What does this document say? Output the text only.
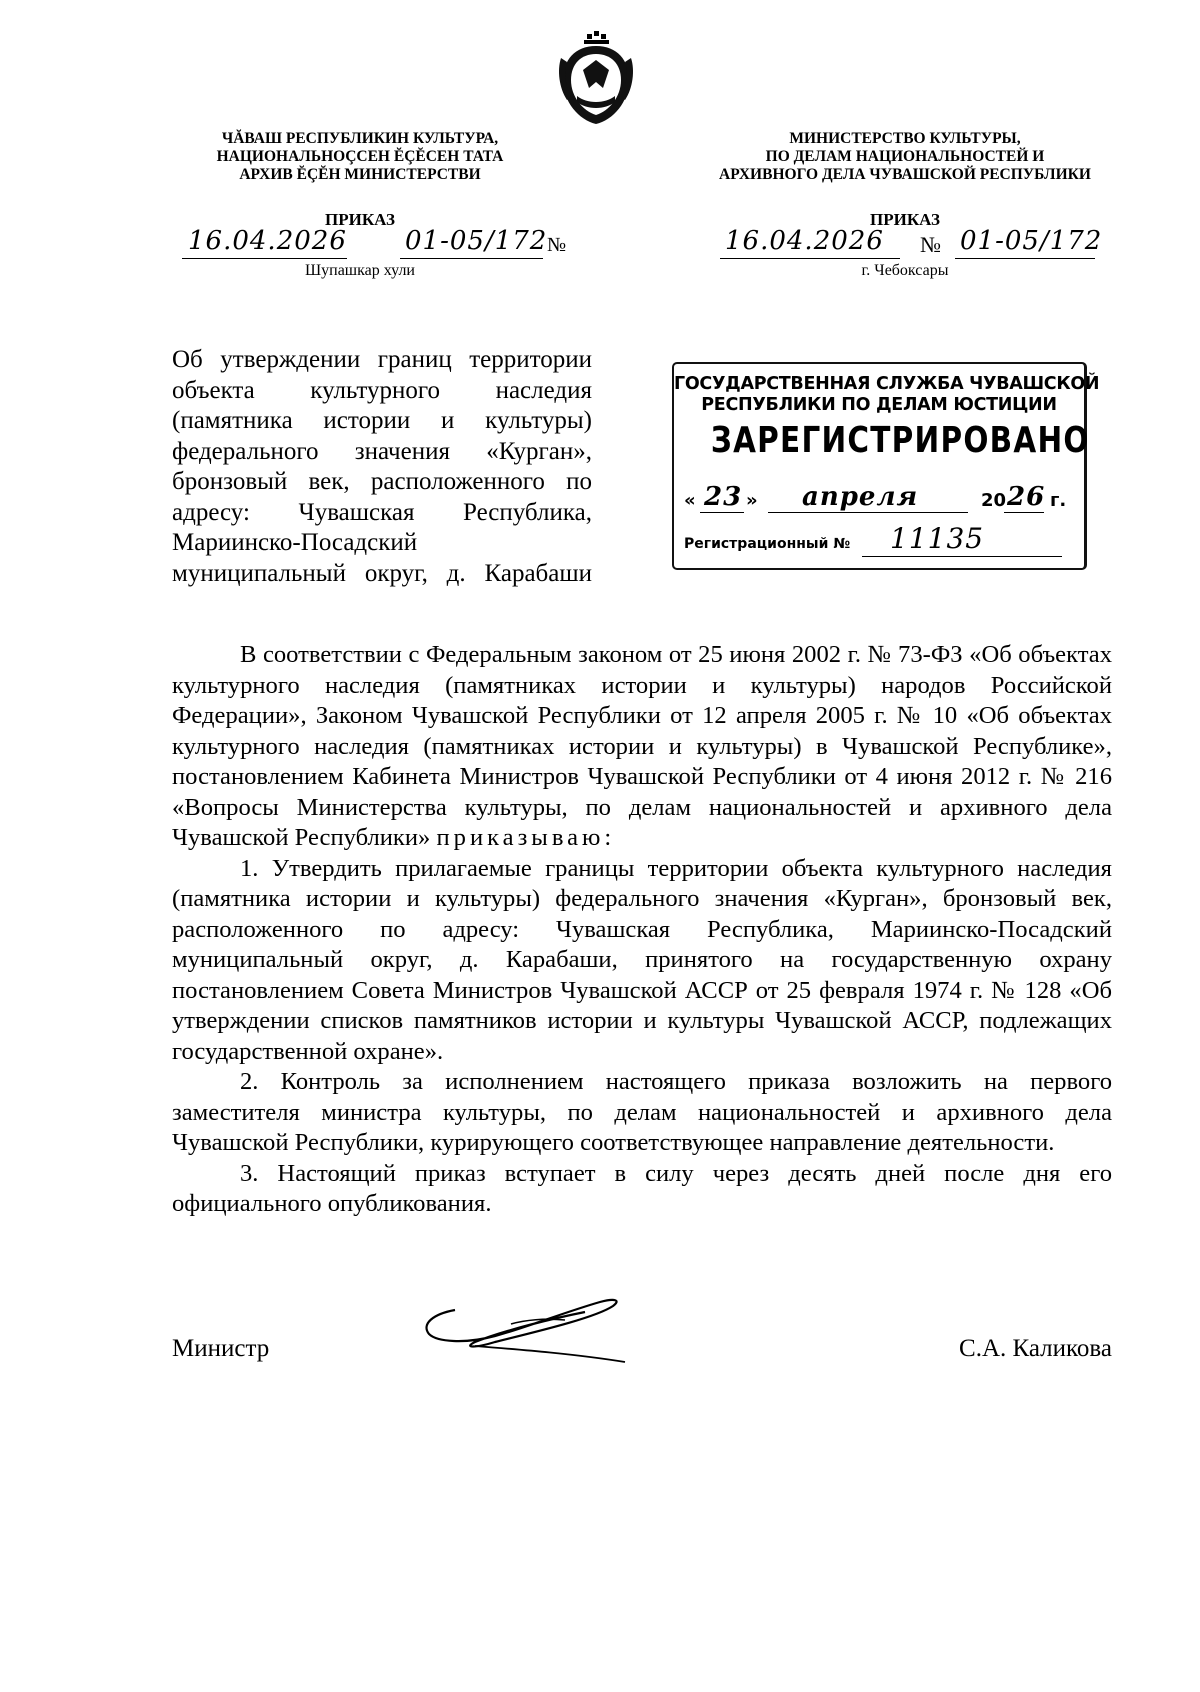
ЧĂВАШ РЕСПУБЛИКИН КУЛЬТУРА,
НАЦИОНАЛЬНОÇСЕН ĔÇĔСЕН ТАТА
АРХИВ ĔÇĔН МИНИСТЕРСТВИ
ПРИКАЗ
16.04.2026 01-05/172 №
Шупашкар хули
МИНИСТЕРСТВО КУЛЬТУРЫ,
ПО ДЕЛАМ НАЦИОНАЛЬНОСТЕЙ И
АРХИВНОГО ДЕЛА ЧУВАШСКОЙ РЕСПУБЛИКИ
ПРИКАЗ
16.04.2026 № 01-05/172
г. Чебоксары
Об утверждении границ территории
объекта культурного наследия
(памятника истории и культуры)
федерального значения «Курган»,
бронзовый век, расположенного по
адресу: Чувашская Республика,
Мариинско-Посадский
муниципальный округ, д. Карабаши
ГОСУДАРСТВЕННАЯ СЛУЖБА ЧУВАШСКОЙ
РЕСПУБЛИКИ ПО ДЕЛАМ ЮСТИЦИИ
ЗАРЕГИСТРИРОВАНО
« 23 » апреля	20 26 г.
Регистрационный № 11135

В соответствии с Федеральным законом от 25 июня 2002 г. № 73-ФЗ «Об объектах культурного наследия (памятниках истории и культуры) народов Российской Федерации», Законом Чувашской Республики от 12 апреля 2005 г. № 10 «Об объектах культурного наследия (памятниках истории и культуры) в Чувашской Республике», постановлением Кабинета Министров Чувашской Республики от 4 июня 2012 г. № 216 «Вопросы Министерства культуры, по делам национальностей и архивного дела Чувашской Республики» приказываю:

1. Утвердить прилагаемые границы территории объекта культурного наследия (памятника истории и культуры) федерального значения «Курган», бронзовый век, расположенного по адресу: Чувашская Республика, Мариинско-Посадский муниципальный округ, д. Карабаши, принятого на государственную охрану постановлением Совета Министров Чувашской АССР от 25 февраля 1974 г. № 128 «Об утверждении списков памятников истории и культуры Чувашской АССР, подлежащих государственной охране».

2. Контроль за исполнением настоящего приказа возложить на первого заместителя министра культуры, по делам национальностей и архивного дела Чувашской Республики, курирующего соответствующее направление деятельности.

3. Настоящий приказ вступает в силу через десять дней после дня его официального опубликования.

Министр	С.А. Каликова
